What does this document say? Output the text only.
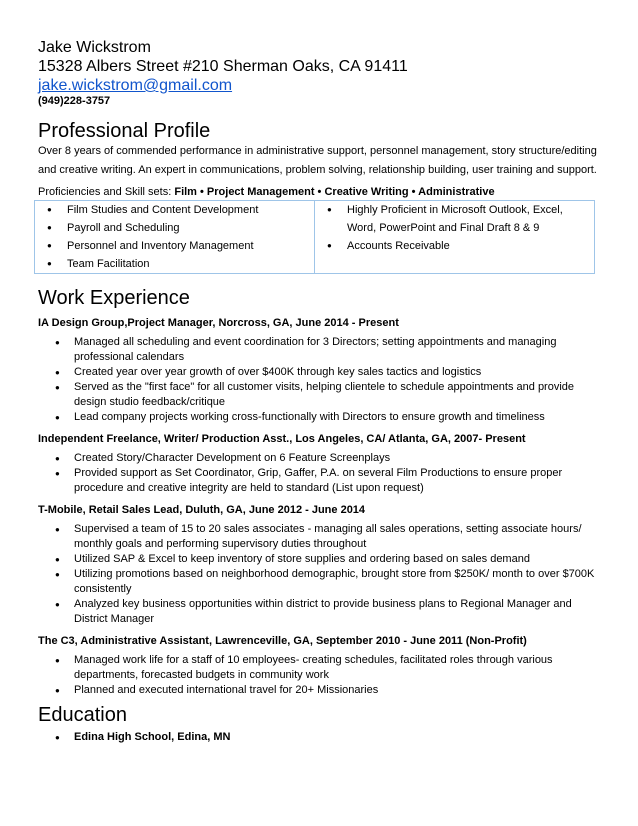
Jake Wickstrom
15328 Albers Street #210 Sherman Oaks, CA 91411
jake.wickstrom@gmail.com
(949)228-3757
Professional Profile

Over 8 years of commended performance in administrative support, personnel management, story structure/editing and creative writing. An expert in communications, problem solving, relationship building, user training and support.

Proficiencies and Skill sets: Film • Project Management • Creative Writing • Administrative
● Film Studies and Content Development
● Payroll and Scheduling
● Personnel and Inventory Management
● Team Facilitation
● Highly Proficient in Microsoft Outlook, Excel, Word, PowerPoint and Final Draft 8 & 9
● Accounts Receivable
Work Experience
IA Design Group,Project Manager, Norcross, GA, June 2014 - Present
● Managed all scheduling and event coordination for 3 Directors; setting appointments and managing professional calendars
● Created year over year growth of over $400K through key sales tactics and logistics
● Served as the "first face" for all customer visits, helping clientele to schedule appointments and provide design studio feedback/critique
● Lead company projects working cross-functionally with Directors to ensure growth and timeliness
Independent Freelance, Writer/ Production Asst., Los Angeles, CA/ Atlanta, GA, 2007- Present
● Created Story/Character Development on 6 Feature Screenplays
● Provided support as Set Coordinator, Grip, Gaffer, P.A. on several Film Productions to ensure proper procedure and creative integrity are held to standard (List upon request)
T-Mobile, Retail Sales Lead, Duluth, GA, June 2012 - June 2014
● Supervised a team of 15 to 20 sales associates - managing all sales operations, setting associate hours/ monthly goals and performing supervisory duties throughout
● Utilized SAP & Excel to keep inventory of store supplies and ordering based on sales demand
● Utilizing promotions based on neighborhood demographic, brought store from $250K/ month to over $700K consistently
● Analyzed key business opportunities within district to provide business plans to Regional Manager and District Manager
The C3, Administrative Assistant, Lawrenceville, GA, September 2010 - June 2011 (Non-Profit)
● Managed work life for a staff of 10 employees- creating schedules, facilitated roles through various departments, forecasted budgets in community work
● Planned and executed international travel for 20+ Missionaries
Education
● Edina High School, Edina, MN
